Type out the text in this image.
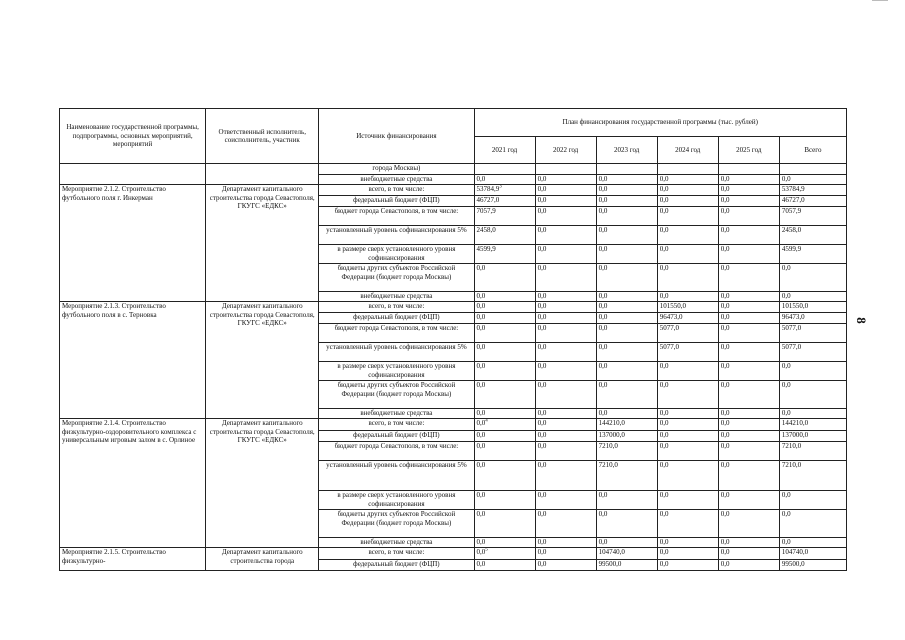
8
Наименование государственной программы, подпрограммы, основных мероприятий, мероприятий	Ответственный исполнитель, соисполнитель, участник	Источник финансирования	План финансирования государственной программы (тыс. рублей)					
			2021 год	2022 год	2023 год	2024 год	2025 год	Всего
		города Москвы)						
		внебюджетные средства	0,0	0,0	0,0	0,0	0,0	0,0
Мероприятие 2.1.2. Строительство футбольного поля г. Инкерман	Департамент капитального строительства города Севастополя, ГКУГС «ЕДКС»	всего, в том числе:	53784,9$^3$	0,0	0,0	0,0	0,0	53784,9
		федеральный бюджет (ФЦП)	46727,0	0,0	0,0	0,0	0,0	46727,0
		бюджет города Севастополя, в том числе:	7057,9	0,0	0,0	0,0	0,0	7057,9
		установленный уровень софинансирования 5%	2458,0	0,0	0,0	0,0	0,0	2458,0
		в размере сверх установленного уровня софинансирования	4599,9	0,0	0,0	0,0	0,0	4599,9
		бюджеты других субъектов Российской Федерации (бюджет города Москвы)	0,0	0,0	0,0	0,0	0,0	0,0
		внебюджетные средства	0,0	0,0	0,0	0,0	0,0	0,0
Мероприятие 2.1.3. Строительство футбольного поля в с. Терновка	Департамент капитального строительства города Севастополя, ГКУГС «ЕДКС»	всего, в том числе:	0,0	0,0	0,0	101550,0	0,0	101550,0
		федеральный бюджет (ФЦП)	0,0	0,0	0,0	96473,0	0,0	96473,0
		бюджет города Севастополя, в том числе:	0,0	0,0	0,0	5077,0	0,0	5077,0
		установленный уровень софинансирования 5%	0,0	0,0	0,0	5077,0	0,0	5077,0
		в размере сверх установленного уровня софинансирования	0,0	0,0	0,0	0,0	0,0	0,0
		бюджеты других субъектов Российской Федерации (бюджет города Москвы)	0,0	0,0	0,0	0,0	0,0	0,0
		внебюджетные средства	0,0	0,0	0,0	0,0	0,0	0,0
Мероприятие 2.1.4. Строительство физкультурно-оздоровительного комплекса с универсальным игровым залом в с. Орлиное	Департамент капитального строительства города Севастополя, ГКУГС «ЕДКС»	всего, в том числе:	$0,0^4$	0,0	144210,0	0,0	0,0	144210,0
		федеральный бюджет (ФЦП)	0,0	0,0	137000,0	0,0	0,0	137000,0
		бюджет города Севастополя, в том числе:	0,0	0,0	7210,0	0,0	0,0	7210,0
		установленный уровень софинансирования 5%	0,0	0,0	7210,0	0,0	0,0	7210,0
		в размере сверх установленного уровня софинансирования	0,0	0,0	0,0	0,0	0,0	0,0
		бюджеты других субъектов Российской Федерации (бюджет города Москвы)	0,0	0,0	0,0	0,0	0,0	0,0
		внебюджетные средства	0,0	0,0	0,0	0,0	0,0	0,0
Мероприятие 2.1.5. Строительство физкультурно-	Департамент капитального строительства города	всего, в том числе:	$0,0^5$	0,0	104740,0	0,0	0,0	104740,0
		федеральный бюджет (ФЦП)	0,0	0,0	99500,0	0,0	0,0	99500,0
